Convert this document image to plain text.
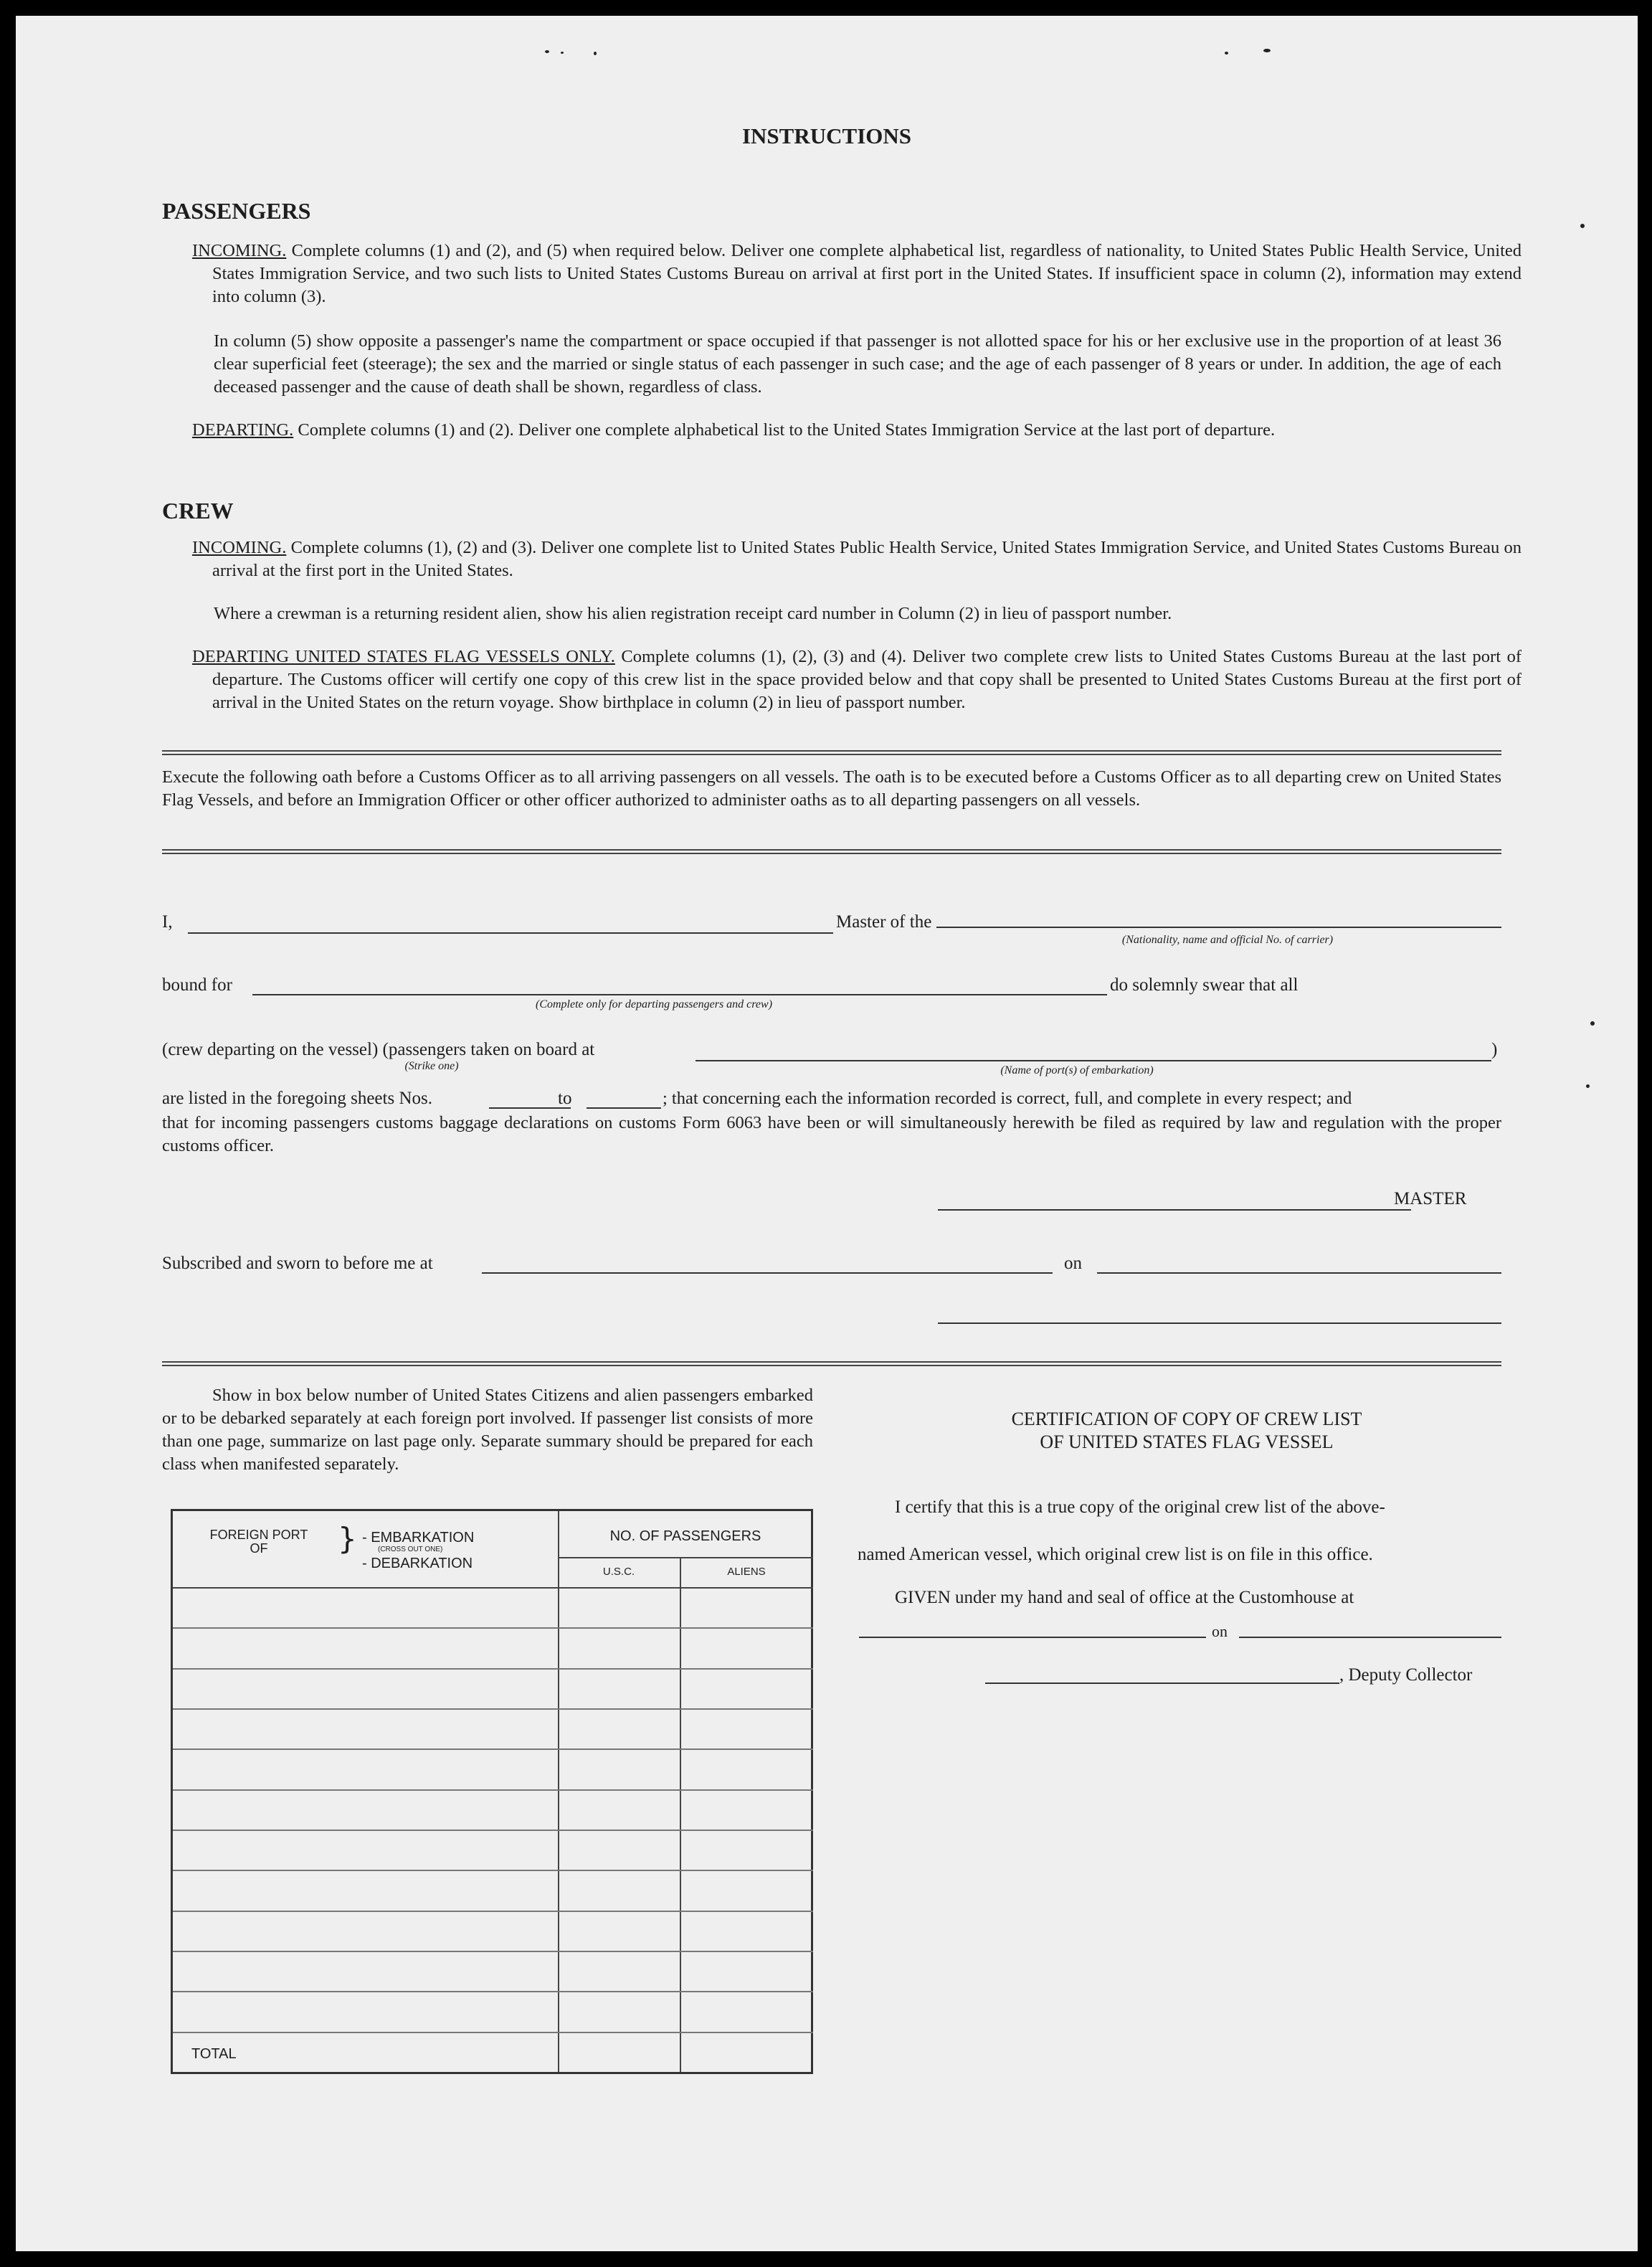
INSTRUCTIONS
PASSENGERS
INCOMING. Complete columns (1) and (2), and (5) when required below. Deliver one complete alphabetical list, regardless of nationality, to United States Public Health Service, United States Immigration Service, and two such lists to United States Customs Bureau on arrival at first port in the United States. If insufficient space in column (2), information may extend into column (3).
In column (5) show opposite a passenger's name the compartment or space occupied if that passenger is not allotted space for his or her exclusive use in the proportion of at least 36 clear superficial feet (steerage); the sex and the married or single status of each passenger in such case; and the age of each passenger of 8 years or under. In addition, the age of each deceased passenger and the cause of death shall be shown, regardless of class.
DEPARTING. Complete columns (1) and (2). Deliver one complete alphabetical list to the United States Immigration Service at the last port of departure.
CREW
INCOMING. Complete columns (1), (2) and (3). Deliver one complete list to United States Public Health Service, United States Immigration Service, and United States Customs Bureau on arrival at the first port in the United States.
Where a crewman is a returning resident alien, show his alien registration receipt card number in Column (2) in lieu of passport number.
DEPARTING UNITED STATES FLAG VESSELS ONLY. Complete columns (1), (2), (3) and (4). Deliver two complete crew lists to United States Customs Bureau at the last port of departure. The Customs officer will certify one copy of this crew list in the space provided below and that copy shall be presented to United States Customs Bureau at the first port of arrival in the United States on the return voyage. Show birthplace in column (2) in lieu of passport number.
Execute the following oath before a Customs Officer as to all arriving passengers on all vessels. The oath is to be executed before a Customs Officer as to all departing crew on United States Flag Vessels, and before an Immigration Officer or other officer authorized to administer oaths as to all departing passengers on all vessels.
I,	Master of the
(Nationality, name and official No. of carrier)
bound for	do solemnly swear that all
(Complete only for departing passengers and crew)
(crew departing on the vessel) (passengers taken on board at	)
(Strike one)	(Name of port(s) of embarkation)
are listed in the foregoing sheets Nos.	to	; that concerning each the information recorded is correct, full, and complete in every respect; and
that for incoming passengers customs baggage declarations on customs Form 6063 have been or will simultaneously herewith be filed as required by law and regulation with the proper customs officer.
MASTER
Subscribed and sworn to before me at	on
Show in box below number of United States Citizens and alien passengers embarked or to be debarked separately at each foreign port involved. If passenger list consists of more than one page, summarize on last page only. Separate summary should be prepared for each class when manifested separately.
FOREIGN PORT OF	} - EMBARKATION
(CROSS OUT ONE)
- DEBARKATION
NO. OF PASSENGERS
U.S.C.	ALIENS
TOTAL
CERTIFICATION OF COPY OF CREW LIST
OF UNITED STATES FLAG VESSEL
I certify that this is a true copy of the original crew list of the above-
named American vessel, which original crew list is on file in this office.
GIVEN under my hand and seal of office at the Customhouse at
on
, Deputy Collector
